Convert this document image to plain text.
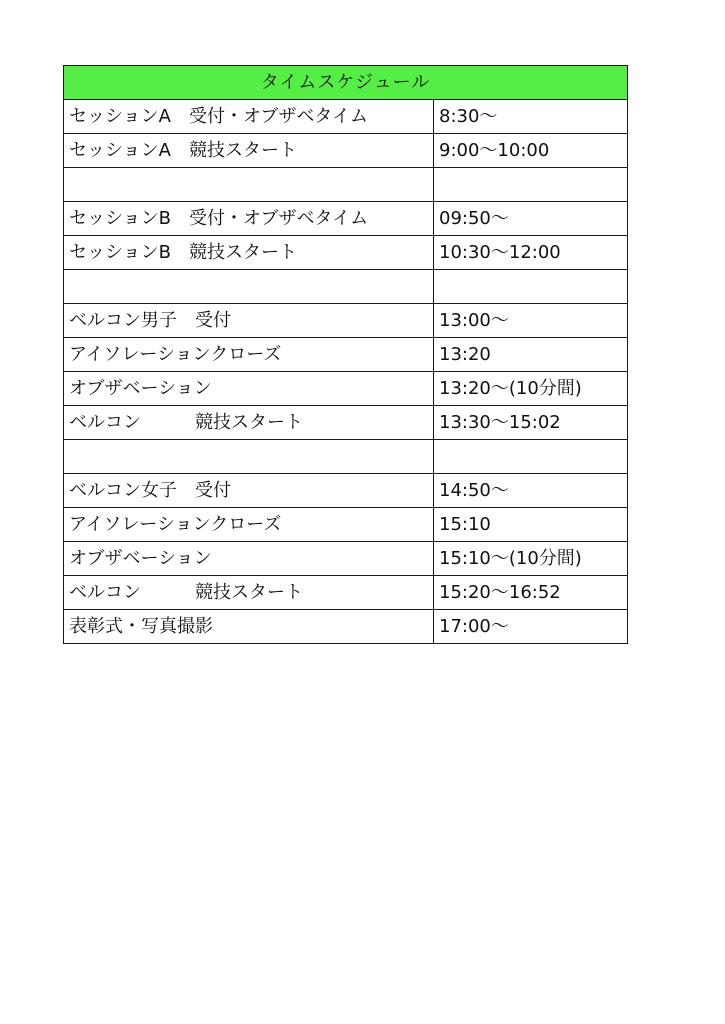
タイムスケジュール	
セッションA　受付・オブザベタイム	8:30〜
セッションA　競技スタート	9:00〜10:00

セッションB　受付・オブザベタイム	09:50〜
セッションB　競技スタート	10:30〜12:00

ベルコン男子　受付	13:00〜
アイソレーションクローズ	13:20
オブザベーション	13:20〜(10分間)
ベルコン　　　競技スタート	13:30〜15:02

ベルコン女子　受付	14:50〜
アイソレーションクローズ	15:10
オブザベーション	15:10〜(10分間)
ベルコン　　　競技スタート	15:20〜16:52
表彰式・写真撮影	17:00〜
